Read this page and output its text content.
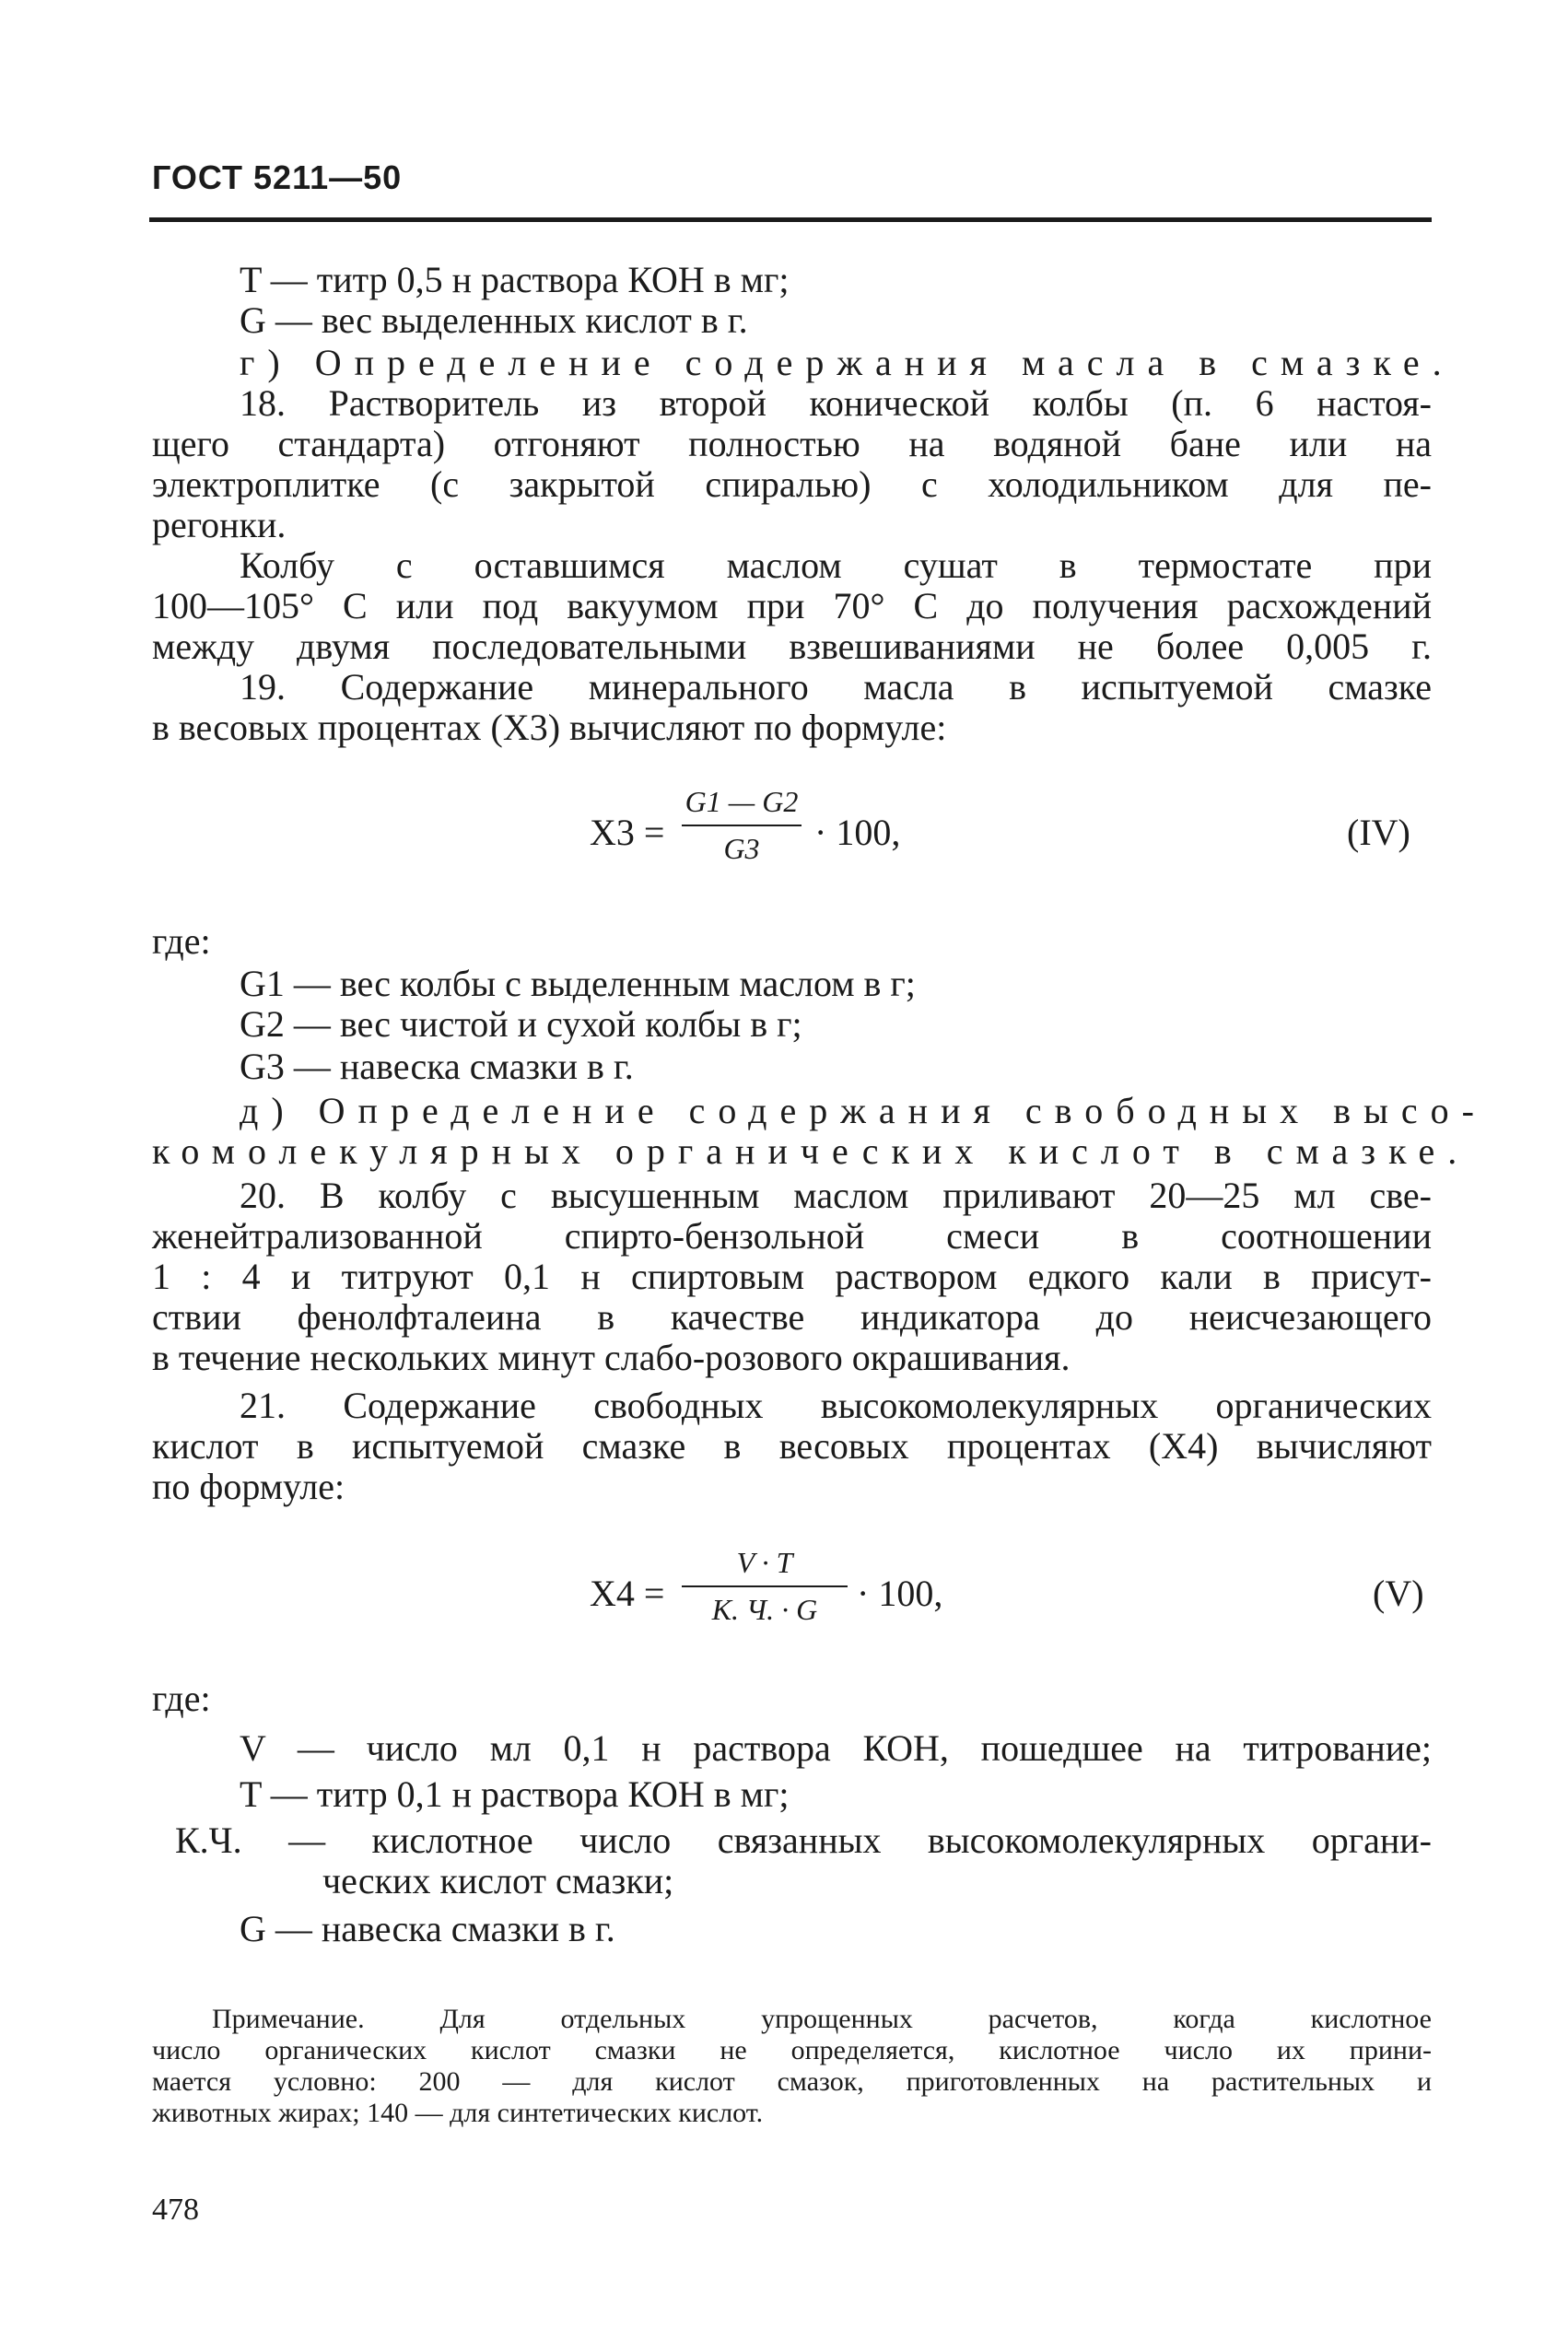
ГОСТ 5211—50
T — титр 0,5 н раствора КОН в мг;
G — вес выделенных кислот в г.
г) Определение содержания масла в смазке.
18. Растворитель из второй конической колбы (п. 6 настоя-
щего стандарта) отгоняют полностью на водяной бане или на
электроплитке (с закрытой спиралью) с холодильником для пе-
регонки.
Колбу с оставшимся маслом сушат в термостате при
100—105° С или под вакуумом при 70° С до получения расхождений
между двумя последовательными взвешиваниями не более 0,005 г.
19. Содержание минерального масла в испытуемой смазке
в весовых процентах (X3) вычисляют по формуле:
X3 =
G1 — G2
G3	· 100,	(IV)
где:
G1 — вес колбы с выделенным маслом в г;
G2 — вес чистой и сухой колбы в г;
G3 — навеска смазки в г.
д) Определение содержания свободных высо-
комолекулярных органических кислот в смазке.
20. В колбу с высушенным маслом приливают 20—25 мл све-
женейтрализованной спирто-бензольной смеси в соотношении
1 : 4 и титруют 0,1 н спиртовым раствором едкого кали в присут-
ствии фенолфталеина в качестве индикатора до неисчезающего
в течение нескольких минут слабо-розового окрашивания.
21. Содержание свободных высокомолекулярных органических
кислот в испытуемой смазке в весовых процентах (X4) вычисляют
по формуле:
X4 =
V · T
К. Ч. · G	· 100,	(V)
где:
V — число мл 0,1 н раствора КОН, пошедшее на титрование;
T — титр 0,1 н раствора КОН в мг;
К.Ч. — кислотное число связанных высокомолекулярных органи-
ческих кислот смазки;
G — навеска смазки в г.
Примечание. Для отдельных упрощенных расчетов, когда кислотное
число органических кислот смазки не определяется, кислотное число их прини-
мается условно: 200 — для кислот смазок, приготовленных на растительных и
животных жирах; 140 — для синтетических кислот.
478
